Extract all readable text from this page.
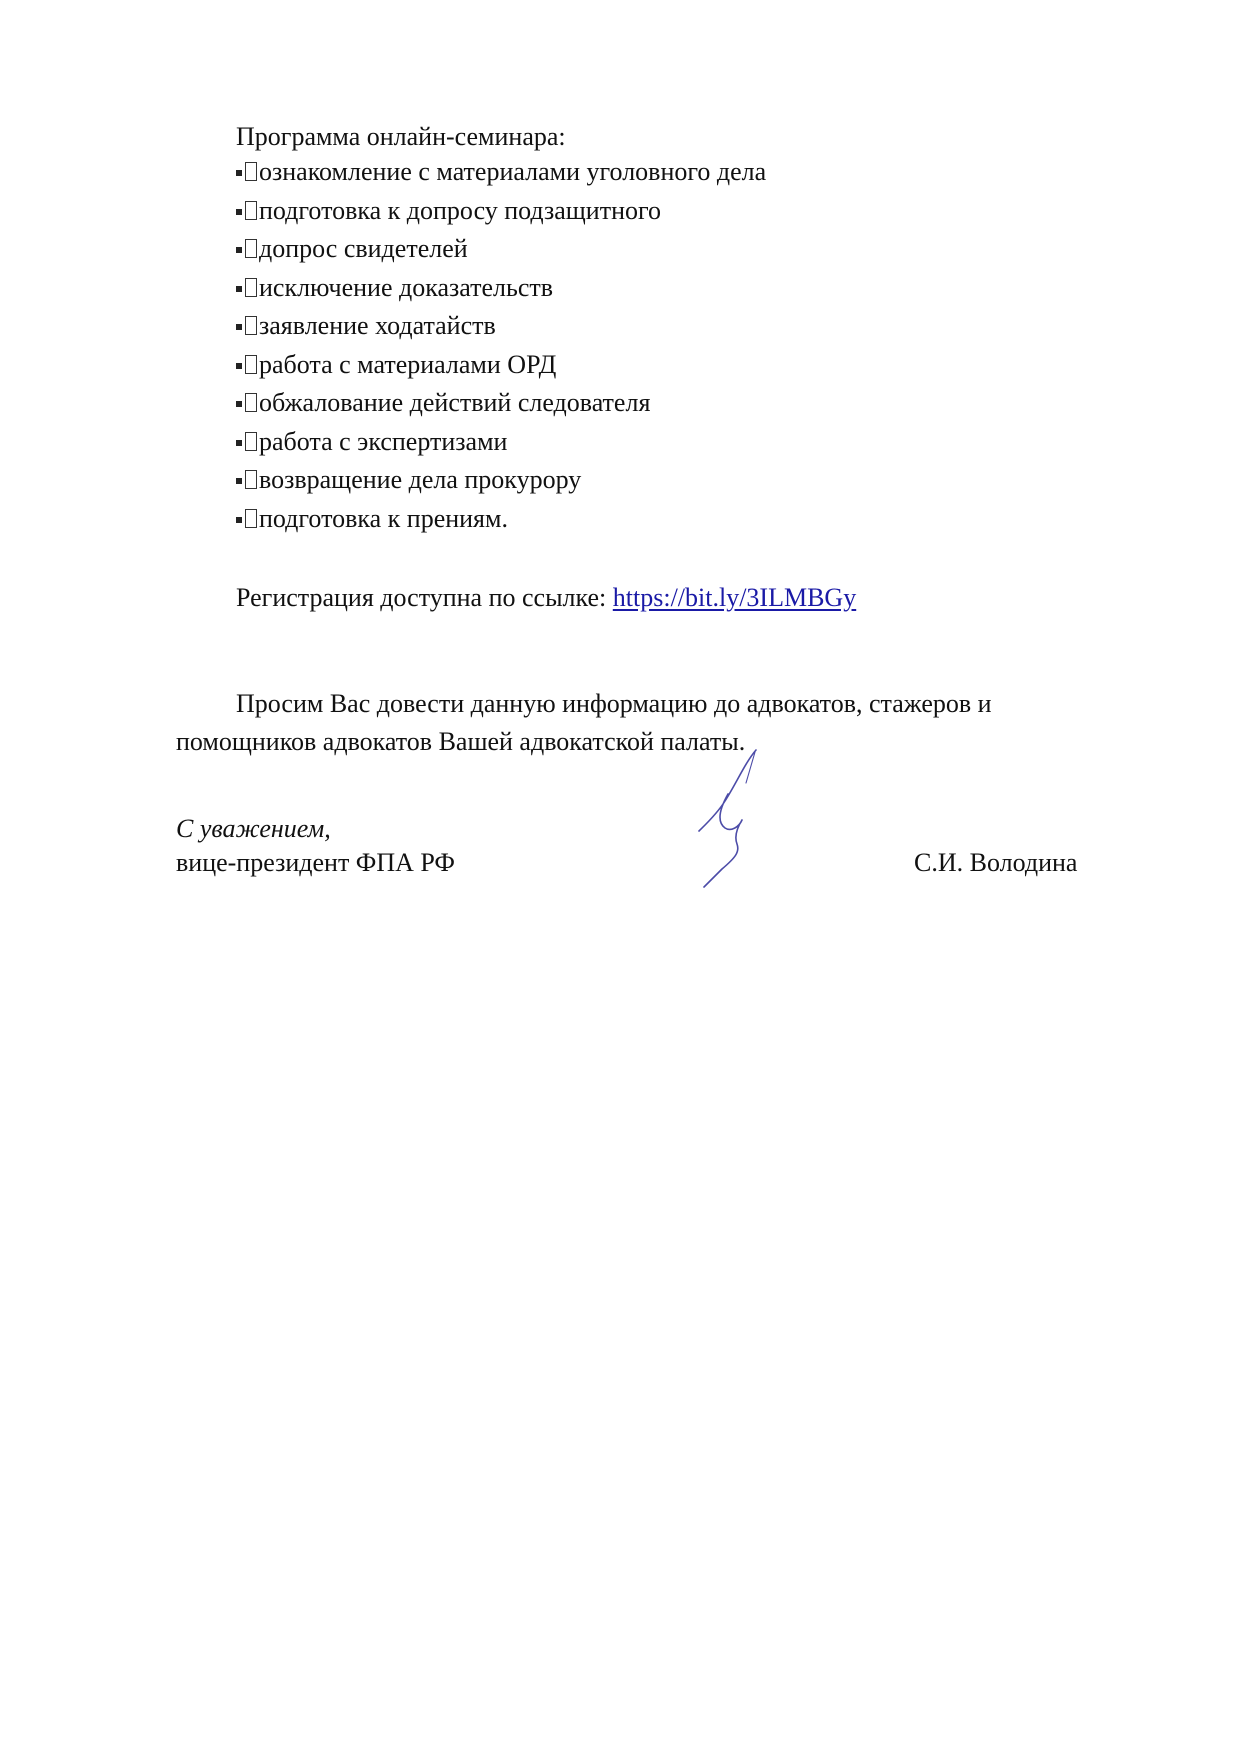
Программа онлайн-семинара:
ознакомление с материалами уголовного дела
подготовка к допросу подзащитного
допрос свидетелей
исключение доказательств
заявление ходатайств
работа с материалами ОРД
обжалование действий следователя
работа с экспертизами
возвращение дела прокурору
подготовка к прениям.
Регистрация доступна по ссылке: https://bit.ly/3ILMBGy

Просим Вас довести данную информацию до адвокатов, стажеров и помощников адвокатов Вашей адвокатской палаты.

С уважением,
вице-президент ФПА РФ	С.И. Володина
